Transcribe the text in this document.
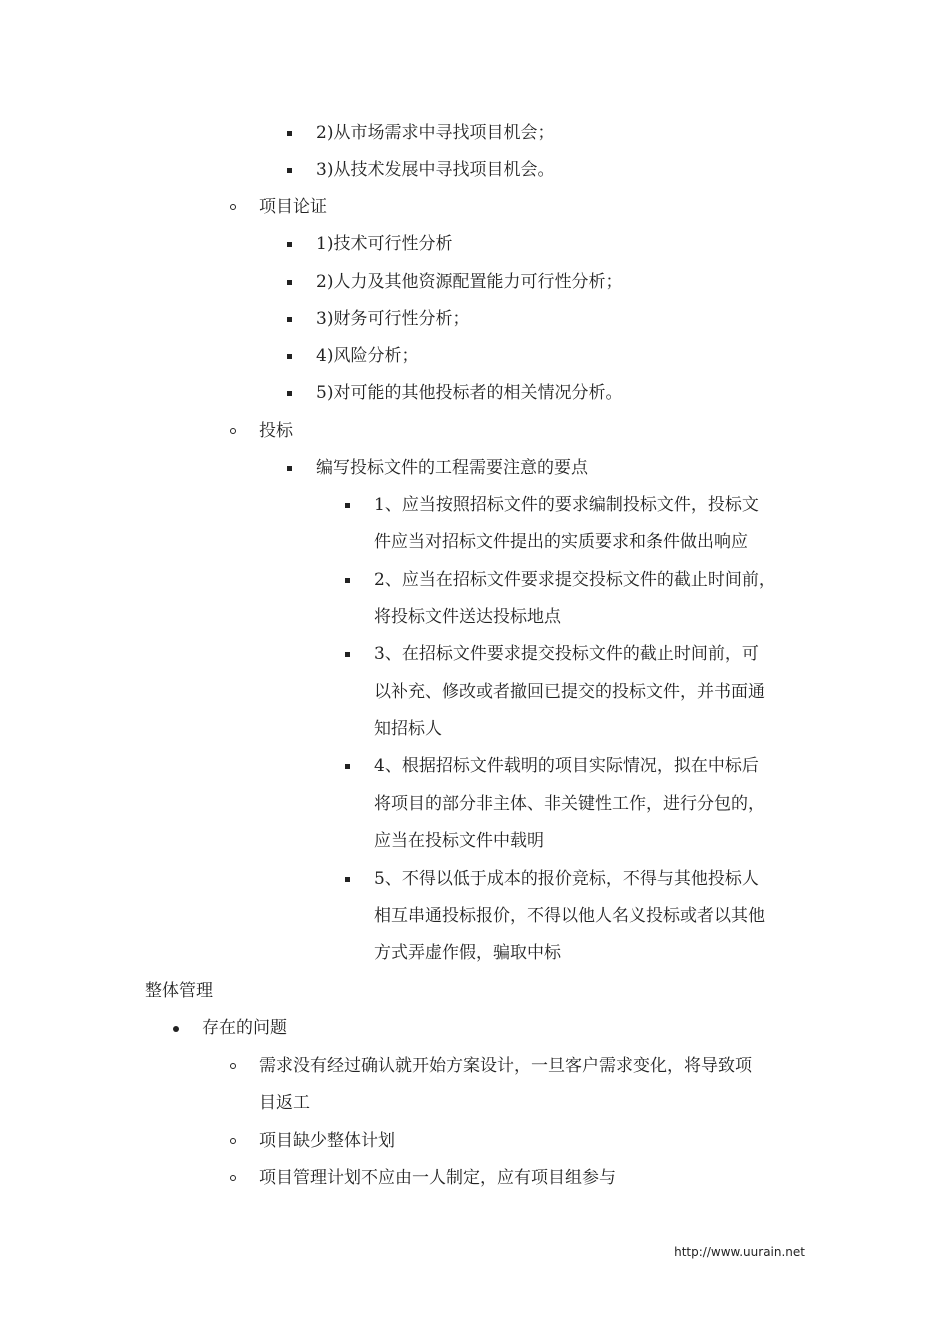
2)从市场需求中寻找项目机会；
3)从技术发展中寻找项目机会。
项目论证
1)技术可行性分析
2)人力及其他资源配置能力可行性分析；
3)财务可行性分析；
4)风险分析；
5)对可能的其他投标者的相关情况分析。
投标
编写投标文件的工程需要注意的要点
1、应当按照招标文件的要求编制投标文件，投标文
件应当对招标文件提出的实质要求和条件做出响应
2、应当在招标文件要求提交投标文件的截止时间前，
将投标文件送达投标地点
3、在招标文件要求提交投标文件的截止时间前，可
以补充、修改或者撤回已提交的投标文件，并书面通
知招标人
4、根据招标文件载明的项目实际情况，拟在中标后
将项目的部分非主体、非关键性工作，进行分包的，
应当在投标文件中载明
5、不得以低于成本的报价竞标，不得与其他投标人
相互串通投标报价，不得以他人名义投标或者以其他
方式弄虚作假，骗取中标
整体管理
存在的问题
需求没有经过确认就开始方案设计，一旦客户需求变化，将导致项
目返工
项目缺少整体计划
项目管理计划不应由一人制定，应有项目组参与
http://www.uurain.net
